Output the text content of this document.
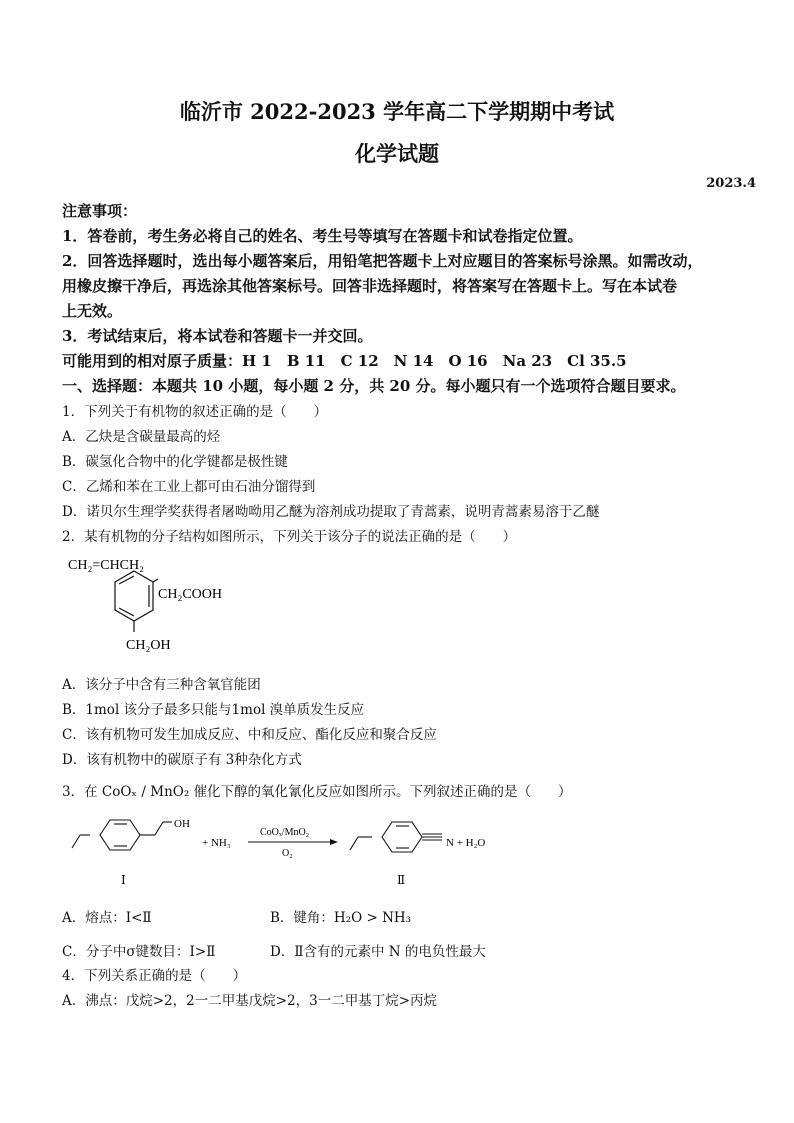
临沂市 2022-2023 学年高二下学期期中考试
化学试题
2023.4
注意事项：
1．答卷前，考生务必将自己的姓名、考生号等填写在答题卡和试卷指定位置。
2．回答选择题时，选出每小题答案后，用铅笔把答题卡上对应题目的答案标号涂黑。如需改动，
用橡皮擦干净后，再选涂其他答案标号。回答非选择题时，将答案写在答题卡上。写在本试卷
上无效。
3．考试结束后，将本试卷和答题卡一并交回。
可能用到的相对原子质量：H 1　B 11　C 12　N 14　O 16　Na 23　Cl 35.5
一、选择题：本题共 10 小题，每小题 2 分，共 20 分。每小题只有一个选项符合题目要求。
1．下列关于有机物的叙述正确的是（　　）
A．乙炔是含碳量最高的烃
B．碳氢化合物中的化学键都是极性键
C．乙烯和苯在工业上都可由石油分馏得到
D．诺贝尔生理学奖获得者屠呦呦用乙醚为溶剂成功提取了青蒿素，说明青蒿素易溶于乙醚
2．某有机物的分子结构如图所示，下列关于该分子的说法正确的是（　　）
CH₂=CHCH₂
CH₂COOH
CH₂OH
A．该分子中含有三种含氧官能团
B．1mol 该分子最多只能与1mol 溴单质发生反应
C．该有机物可发生加成反应、中和反应、酯化反应和聚合反应
D．该有机物中的碳原子有 3种杂化方式
3．在 CoOₓ / MnO₂ 催化下醇的氧化氰化反应如图所示。下列叙述正确的是（　　）
OH
+ NH₃
CoOₓ/MnO₂
O₂
N + H₂O
Ⅰ	Ⅱ
A．熔点：Ⅰ<Ⅱ	B．键角：H₂O > NH₃
C．分子中σ键数目：Ⅰ>Ⅱ	D．Ⅱ含有的元素中 N 的电负性最大
4．下列关系正确的是（　　）
A．沸点：戊烷>2，2一二甲基戊烷>2，3一二甲基丁烷>丙烷
